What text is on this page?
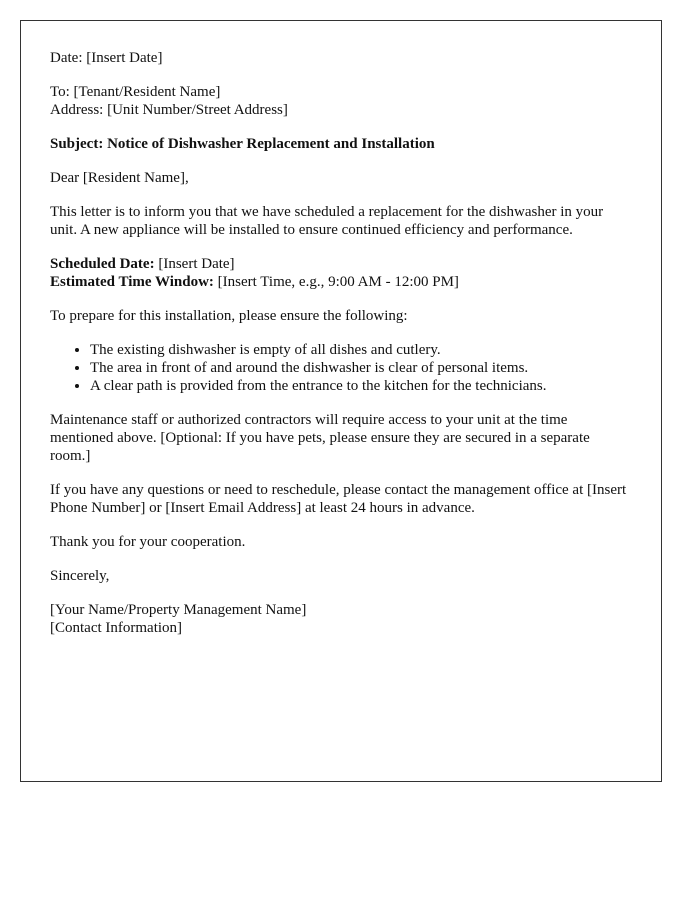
Date: [Insert Date]

To: [Tenant/Resident Name]
Address: [Unit Number/Street Address]

Subject: Notice of Dishwasher Replacement and Installation

Dear [Resident Name],

This letter is to inform you that we have scheduled a replacement for the dishwasher in your unit. A new appliance will be installed to ensure continued efficiency and performance.

Scheduled Date: [Insert Date]
Estimated Time Window: [Insert Time, e.g., 9:00 AM - 12:00 PM]

To prepare for this installation, please ensure the following:

• The existing dishwasher is empty of all dishes and cutlery.
• The area in front of and around the dishwasher is clear of personal items.
• A clear path is provided from the entrance to the kitchen for the technicians.

Maintenance staff or authorized contractors will require access to your unit at the time mentioned above. [Optional: If you have pets, please ensure they are secured in a separate room.]

If you have any questions or need to reschedule, please contact the management office at [Insert Phone Number] or [Insert Email Address] at least 24 hours in advance.

Thank you for your cooperation.

Sincerely,

[Your Name/Property Management Name]
[Contact Information]
